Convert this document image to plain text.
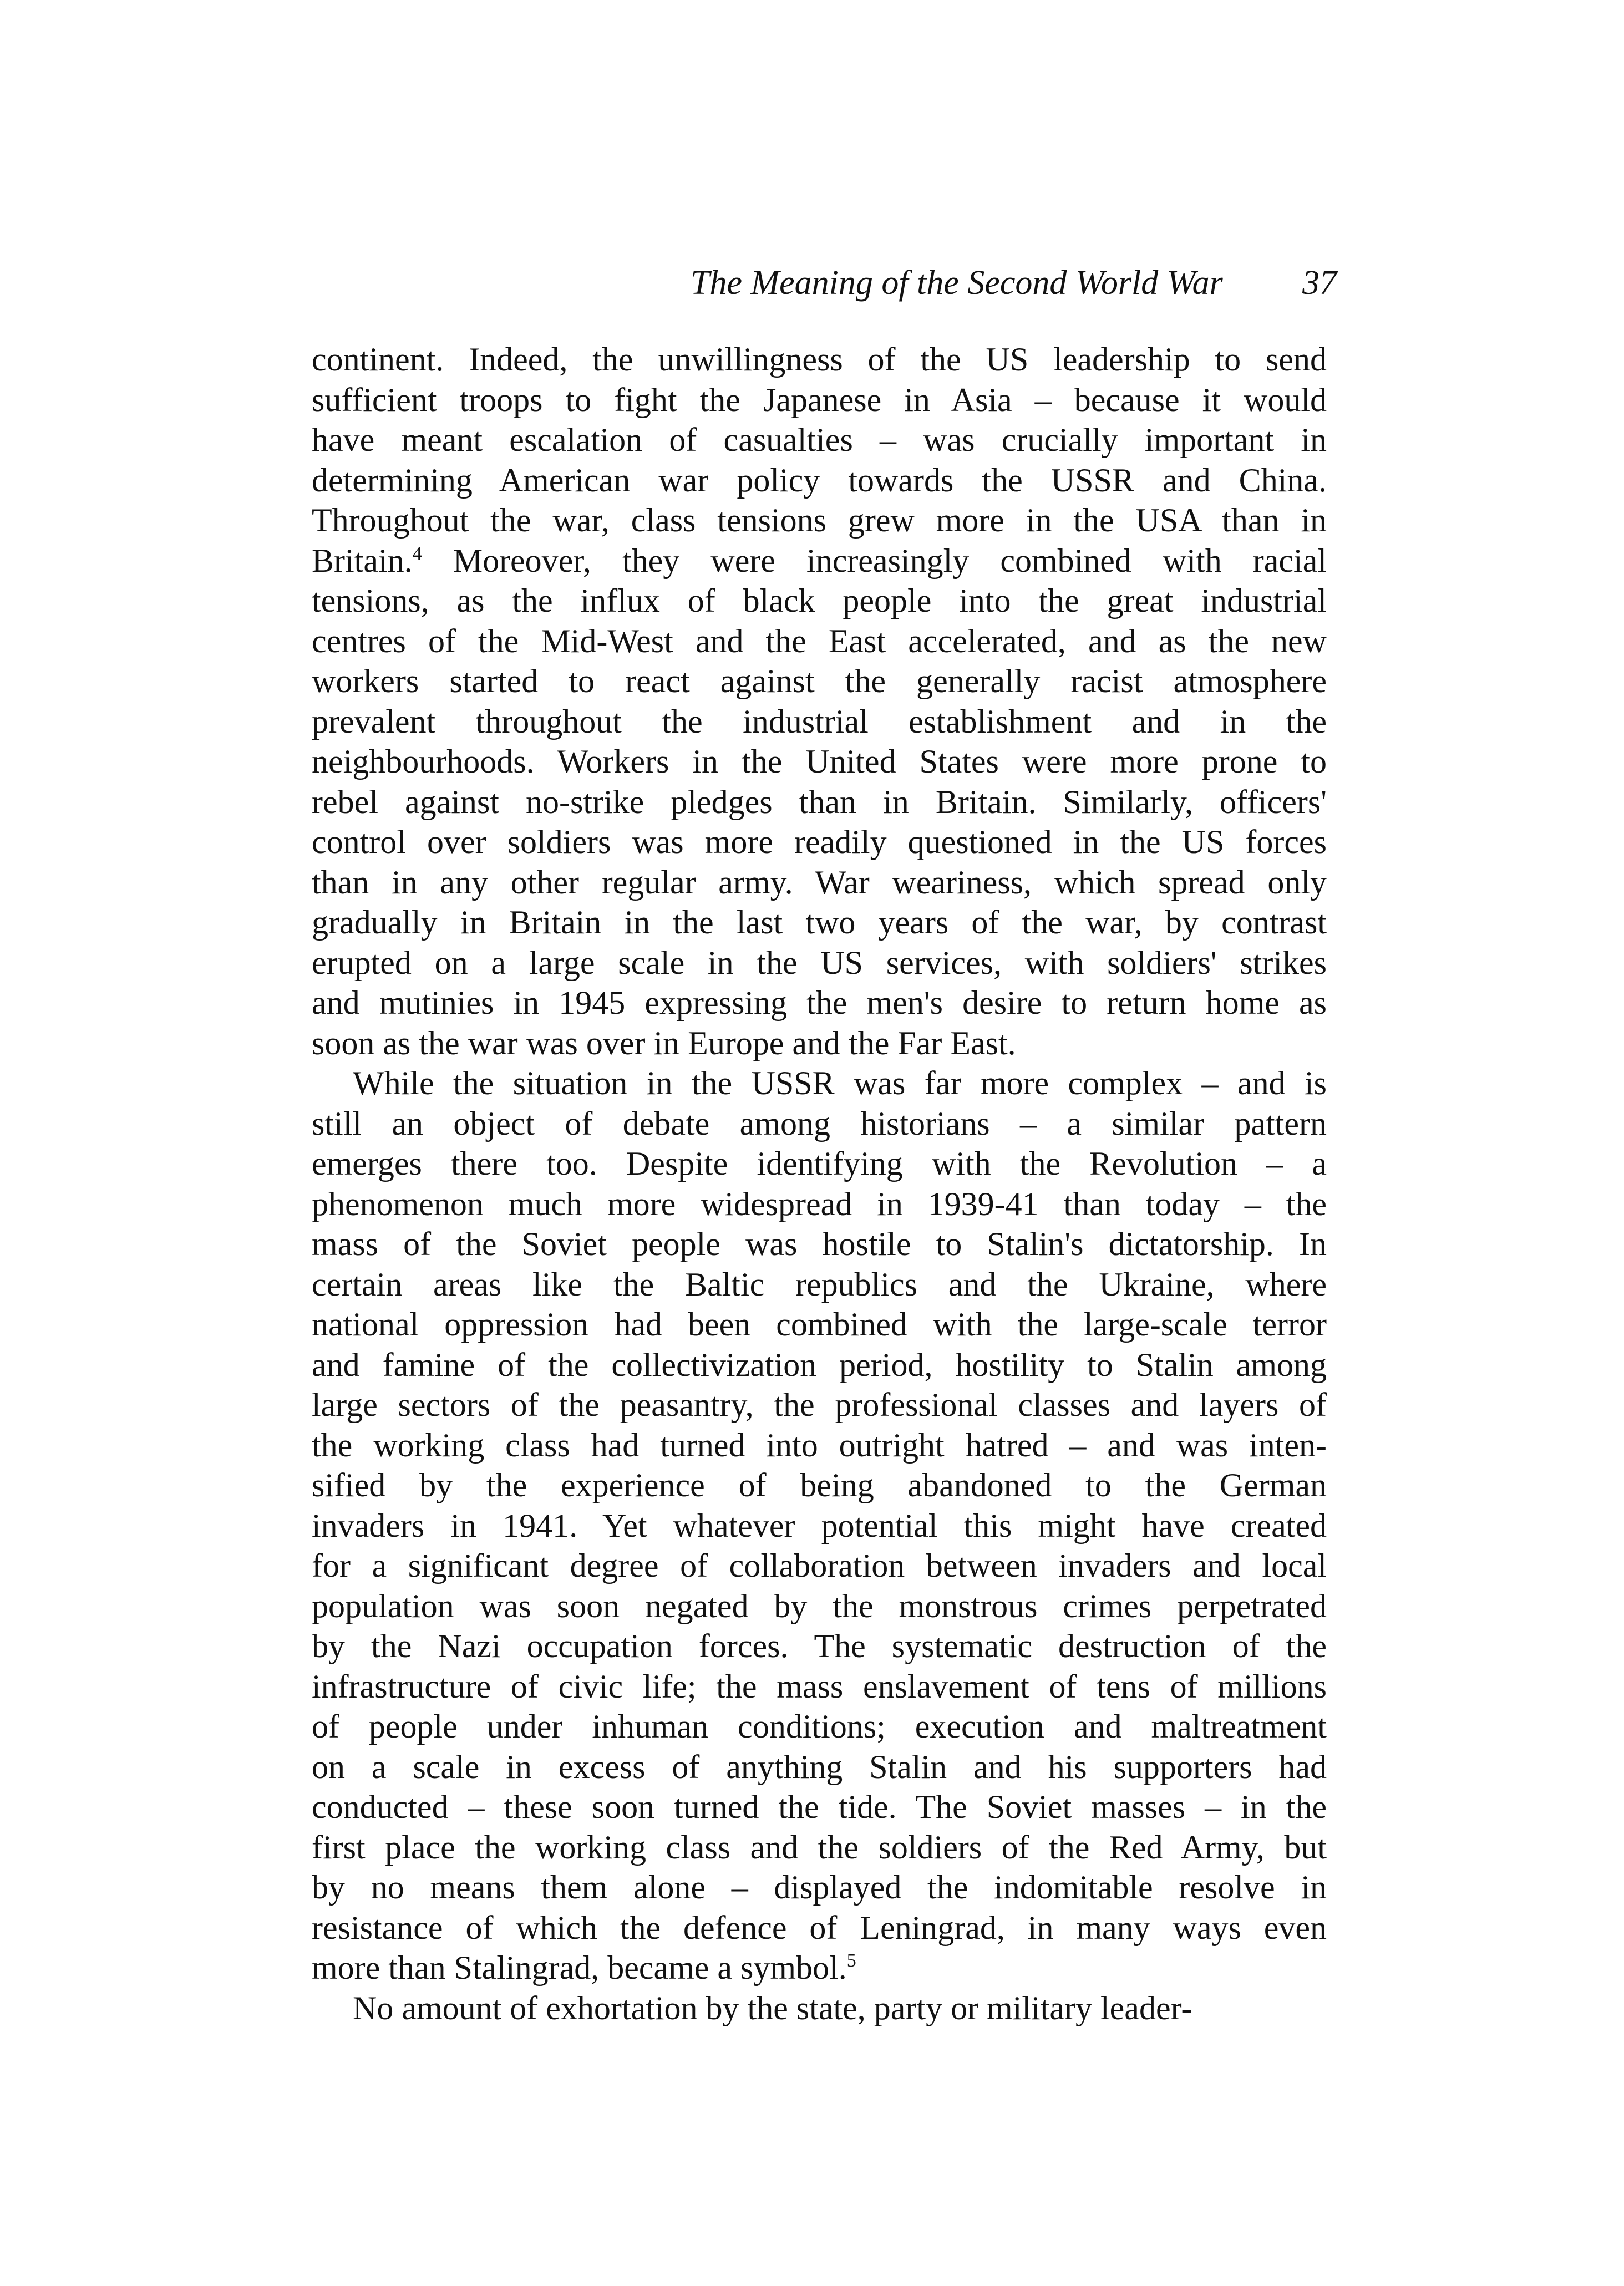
The Meaning of the Second World War 37
continent. Indeed, the unwillingness of the US leadership to send
sufficient troops to fight the Japanese in Asia – because it would
have meant escalation of casualties – was crucially important in
determining American war policy towards the USSR and China.
Throughout the war, class tensions grew more in the USA than in
Britain.$^4$ Moreover, they were increasingly combined with racial
tensions, as the influx of black people into the great industrial
centres of the Mid-West and the East accelerated, and as the new
workers started to react against the generally racist atmosphere
prevalent throughout the industrial establishment and in the
neighbourhoods. Workers in the United States were more prone to
rebel against no-strike pledges than in Britain. Similarly, officers'
control over soldiers was more readily questioned in the US forces
than in any other regular army. War weariness, which spread only
gradually in Britain in the last two years of the war, by contrast
erupted on a large scale in the US services, with soldiers' strikes
and mutinies in 1945 expressing the men's desire to return home as
soon as the war was over in Europe and the Far East.
While the situation in the USSR was far more complex – and is
still an object of debate among historians – a similar pattern
emerges there too. Despite identifying with the Revolution – a
phenomenon much more widespread in 1939-41 than today – the
mass of the Soviet people was hostile to Stalin's dictatorship. In
certain areas like the Baltic republics and the Ukraine, where
national oppression had been combined with the large-scale terror
and famine of the collectivization period, hostility to Stalin among
large sectors of the peasantry, the professional classes and layers of
the working class had turned into outright hatred – and was inten-
sified by the experience of being abandoned to the German
invaders in 1941. Yet whatever potential this might have created
for a significant degree of collaboration between invaders and local
population was soon negated by the monstrous crimes perpetrated
by the Nazi occupation forces. The systematic destruction of the
infrastructure of civic life; the mass enslavement of tens of millions
of people under inhuman conditions; execution and maltreatment
on a scale in excess of anything Stalin and his supporters had
conducted – these soon turned the tide. The Soviet masses – in the
first place the working class and the soldiers of the Red Army, but
by no means them alone – displayed the indomitable resolve in
resistance of which the defence of Leningrad, in many ways even
more than Stalingrad, became a symbol.$^5$
No amount of exhortation by the state, party or military leader-
